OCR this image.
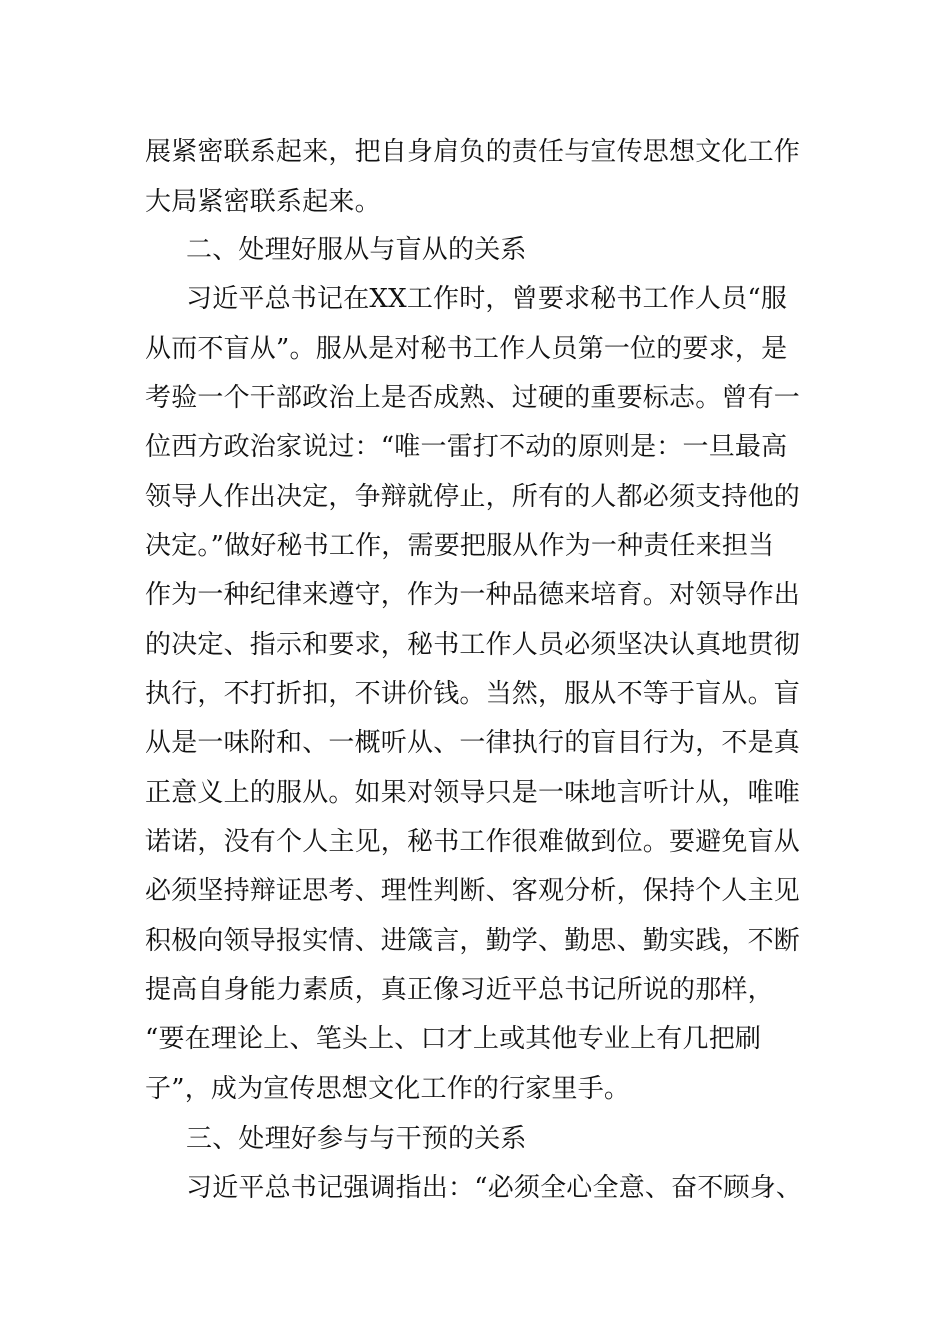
展紧密联系起来，把自身肩负的责任与宣传思想文化工作
大局紧密联系起来。
二、处理好服从与盲从的关系
习近平总书记在XX工作时，曾要求秘书工作人员“服
从而不盲从”。服从是对秘书工作人员第一位的要求，是
考验一个干部政治上是否成熟、过硬的重要标志。曾有一
位西方政治家说过：“唯一雷打不动的原则是：一旦最高
领导人作出决定，争辩就停止，所有的人都必须支持他的
决定。”做好秘书工作，需要把服从作为一种责任来担当
作为一种纪律来遵守，作为一种品德来培育。对领导作出
的决定、指示和要求，秘书工作人员必须坚决认真地贯彻
执行，不打折扣，不讲价钱。当然，服从不等于盲从。盲
从是一味附和、一概听从、一律执行的盲目行为，不是真
正意义上的服从。如果对领导只是一味地言听计从，唯唯
诺诺，没有个人主见，秘书工作很难做到位。要避免盲从
必须坚持辩证思考、理性判断、客观分析，保持个人主见
积极向领导报实情、进箴言，勤学、勤思、勤实践，不断
提高自身能力素质，真正像习近平总书记所说的那样，
“要在理论上、笔头上、口才上或其他专业上有几把刷
子”，成为宣传思想文化工作的行家里手。
三、处理好参与与干预的关系
习近平总书记强调指出：“必须全心全意、奋不顾身、
